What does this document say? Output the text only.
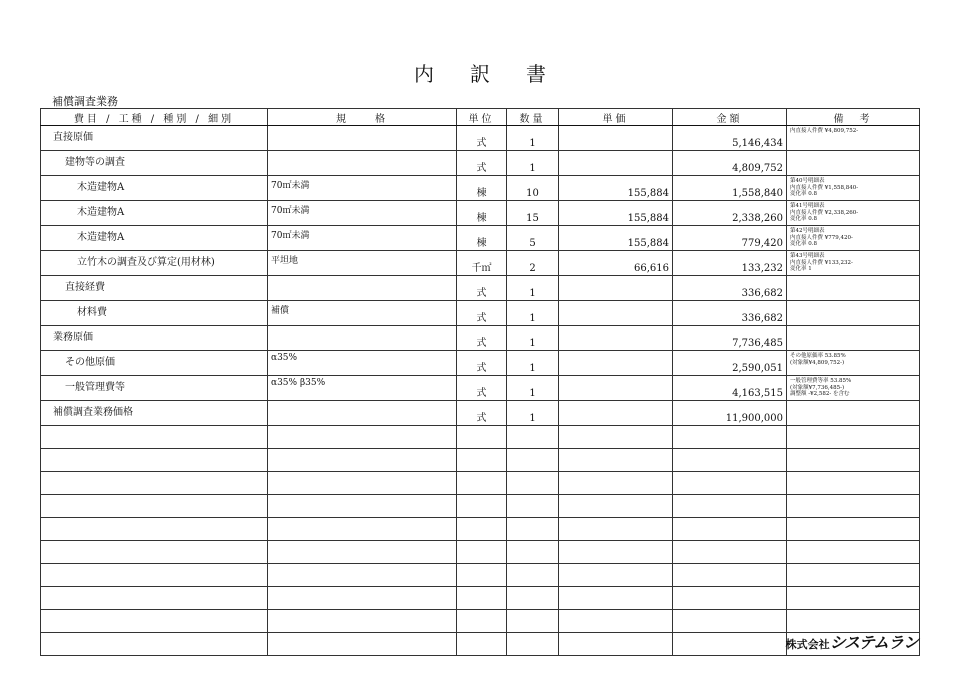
内訳書
補償調査業務
費目 / 工種 / 種別 / 細別	規　　格	単位	数量	単価	金額	備　考
直接原価		式	1		5,146,434	内直接人件費 ¥4,809,752-
建物等の調査		式	1		4,809,752	
木造建物A	70㎡未満	棟	10	155,884	1,558,840	第40号明細表
内直接人件費 ¥1,558,840-
変化率 0.8
木造建物A	70㎡未満	棟	15	155,884	2,338,260	第41号明細表
内直接人件費 ¥2,338,260-
変化率 0.8
木造建物A	70㎡未満	棟	5	155,884	779,420	第42号明細表
内直接人件費 ¥779,420-
変化率 0.8
立竹木の調査及び算定(用材林)	平坦地	千㎡	2	66,616	133,232	第43号明細表
内直接人件費 ¥133,232-
変化率 1
直接経費		式	1		336,682	
材料費	補償	式	1		336,682	
業務原価		式	1		7,736,485	
その他原価	α35%	式	1		2,590,051	その他原価率 53.85%
(対象額¥4,809,752-)
一般管理費等	α35% β35%	式	1		4,163,515	一般管理費等率 53.85%
(対象額¥7,736,485-)
調整額 -¥2,582- を含む
補償調査業務価格		式	1		11,900,000	

株式会社システムラン
